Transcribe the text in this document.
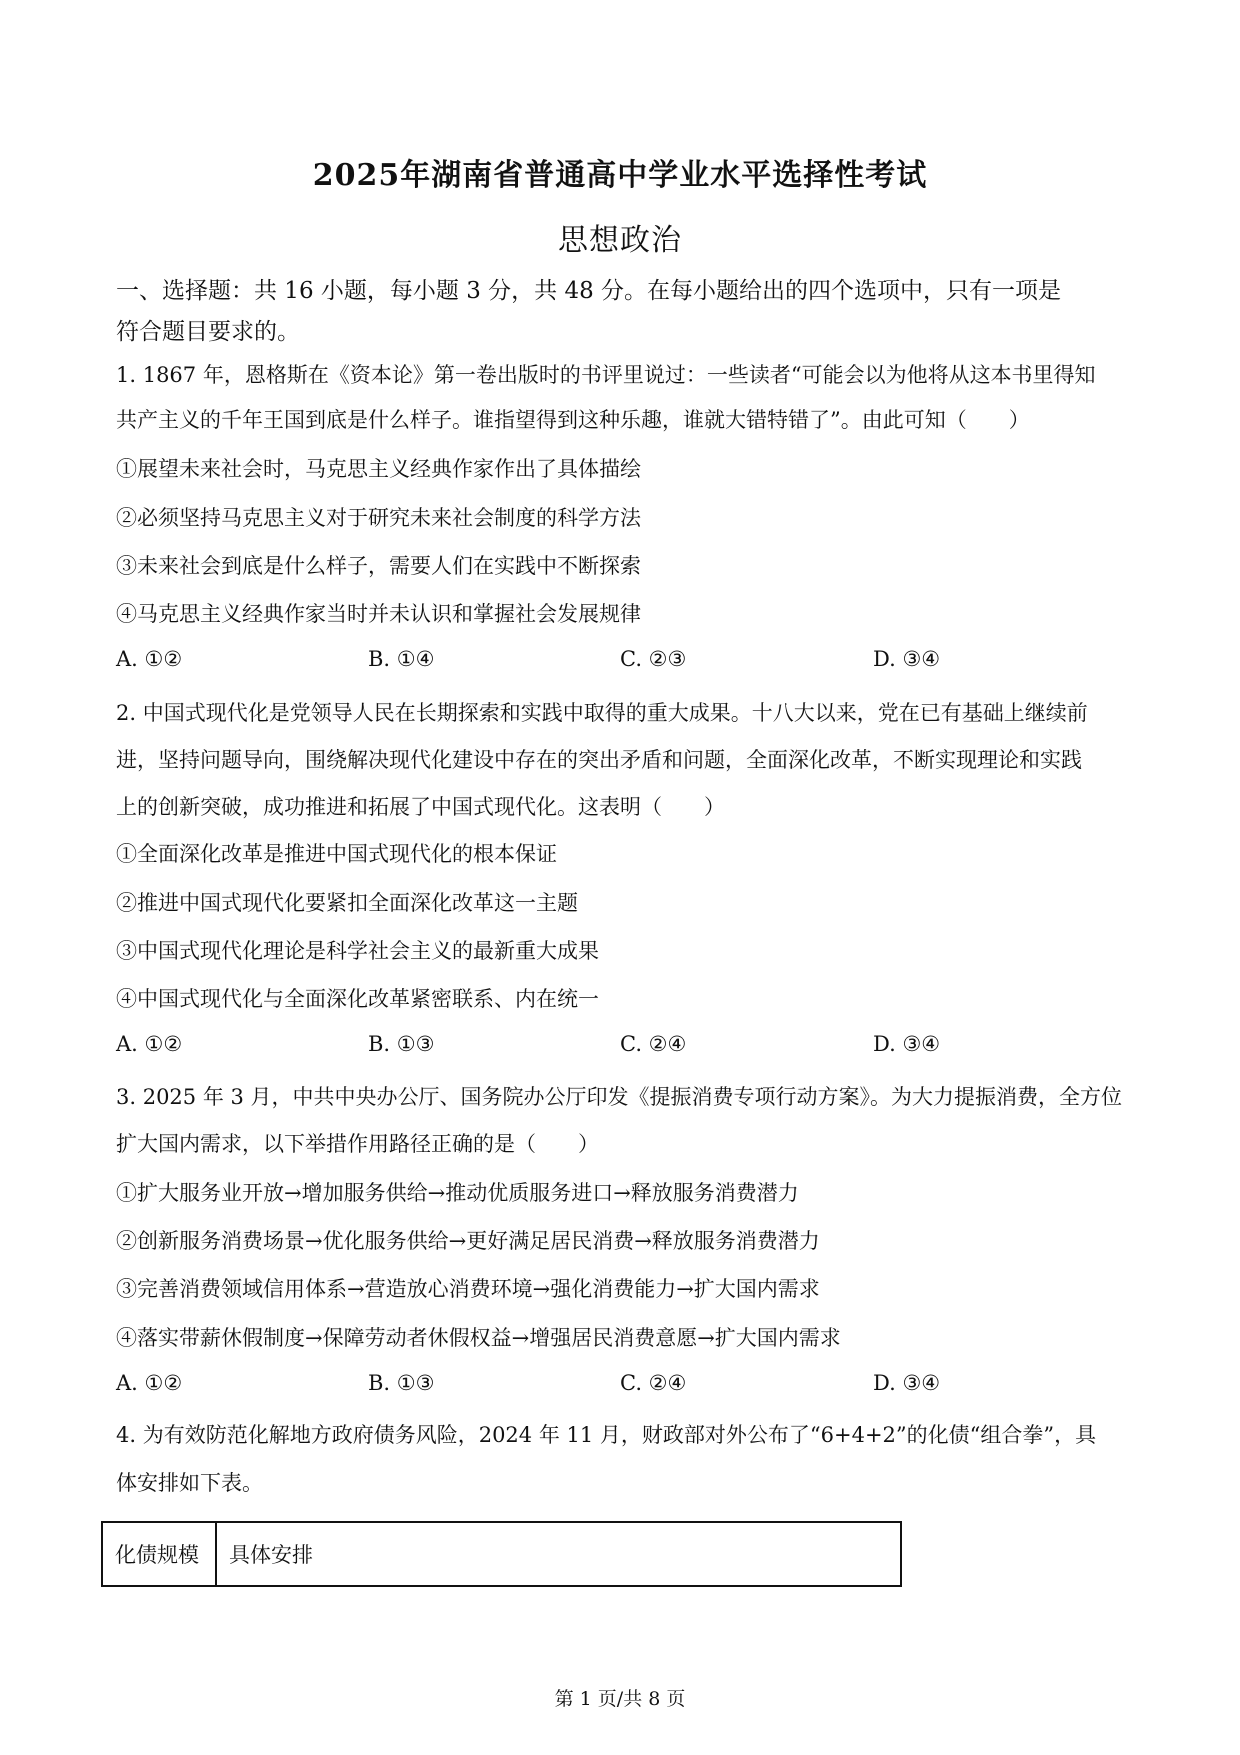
2025年湖南省普通高中学业水平选择性考试
思想政治
一、选择题：共 16 小题，每小题 3 分，共 48 分。在每小题给出的四个选项中，只有一项是
符合题目要求的。
1. 1867 年，恩格斯在《资本论》第一卷出版时的书评里说过：一些读者“可能会以为他将从这本书里得知
共产主义的千年王国到底是什么样子。谁指望得到这种乐趣，谁就大错特错了”。由此可知（　　）
①展望未来社会时，马克思主义经典作家作出了具体描绘
②必须坚持马克思主义对于研究未来社会制度的科学方法
③未来社会到底是什么样子，需要人们在实践中不断探索
④马克思主义经典作家当时并未认识和掌握社会发展规律
A. ①②	B. ①④	C. ②③	D. ③④
2. 中国式现代化是党领导人民在长期探索和实践中取得的重大成果。十八大以来，党在已有基础上继续前
进，坚持问题导向，围绕解决现代化建设中存在的突出矛盾和问题，全面深化改革，不断实现理论和实践
上的创新突破，成功推进和拓展了中国式现代化。这表明（　　）
①全面深化改革是推进中国式现代化的根本保证
②推进中国式现代化要紧扣全面深化改革这一主题
③中国式现代化理论是科学社会主义的最新重大成果
④中国式现代化与全面深化改革紧密联系、内在统一
A. ①②	B. ①③	C. ②④	D. ③④
3. 2025 年 3 月，中共中央办公厅、国务院办公厅印发《提振消费专项行动方案》。为大力提振消费，全方位
扩大国内需求，以下举措作用路径正确的是（　　）
①扩大服务业开放→增加服务供给→推动优质服务进口→释放服务消费潜力
②创新服务消费场景→优化服务供给→更好满足居民消费→释放服务消费潜力
③完善消费领域信用体系→营造放心消费环境→强化消费能力→扩大国内需求
④落实带薪休假制度→保障劳动者休假权益→增强居民消费意愿→扩大国内需求
A. ①②	B. ①③	C. ②④	D. ③④
4. 为有效防范化解地方政府债务风险，2024 年 11 月，财政部对外公布了“6+4+2”的化债“组合拳”，具
体安排如下表。
化债规模	具体安排
第 1 页/共 8 页
